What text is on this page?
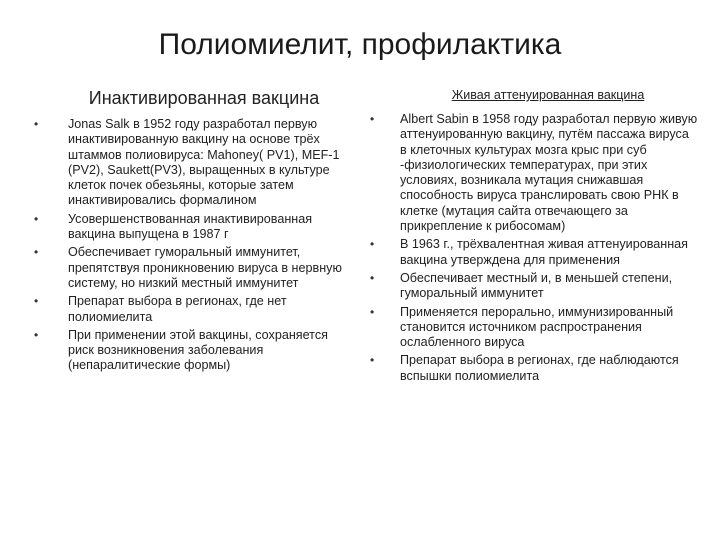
Полиомиелит, профилактика
Инактивированная вакцина
• Jonas Salk в 1952 году разработал первую инактивированную вакцину на основе трёх штаммов полиовируса: Mahoney( PV1), MEF-1 (PV2), Saukett(PV3), выращенных в культуре клеток почек обезьяны, которые затем инактивировались формалином
• Усовершенствованная инактивированная вакцина выпущена в 1987 г
• Обеспечивает гуморальный иммунитет, препятствуя проникновению вируса в нервную систему, но низкий местный иммунитет
• Препарат выбора в регионах, где нет полиомиелита
• При применении этой вакцины, сохраняется риск возникновения заболевания (непаралитические формы)
Живая аттенуированная вакцина
• Albert Sabin в 1958 году разработал первую живую аттенуированную вакцину, путём пассажа вируса в клеточных культурах мозга крыс при суб -физиологических температурах, при этих условиях, возникала мутация снижавшая способность вируса транслировать свою РНК в клетке (мутация сайта отвечающего за прикрепление к рибосомам)
• В 1963 г., трёхвалентная живая аттенуированная вакцина утверждена для применения
• Обеспечивает местный и, в меньшей степени, гуморальный иммунитет
• Применяется перорально, иммунизированный становится источником распространения ослабленного вируса
• Препарат выбора в регионах, где наблюдаются вспышки полиомиелита
